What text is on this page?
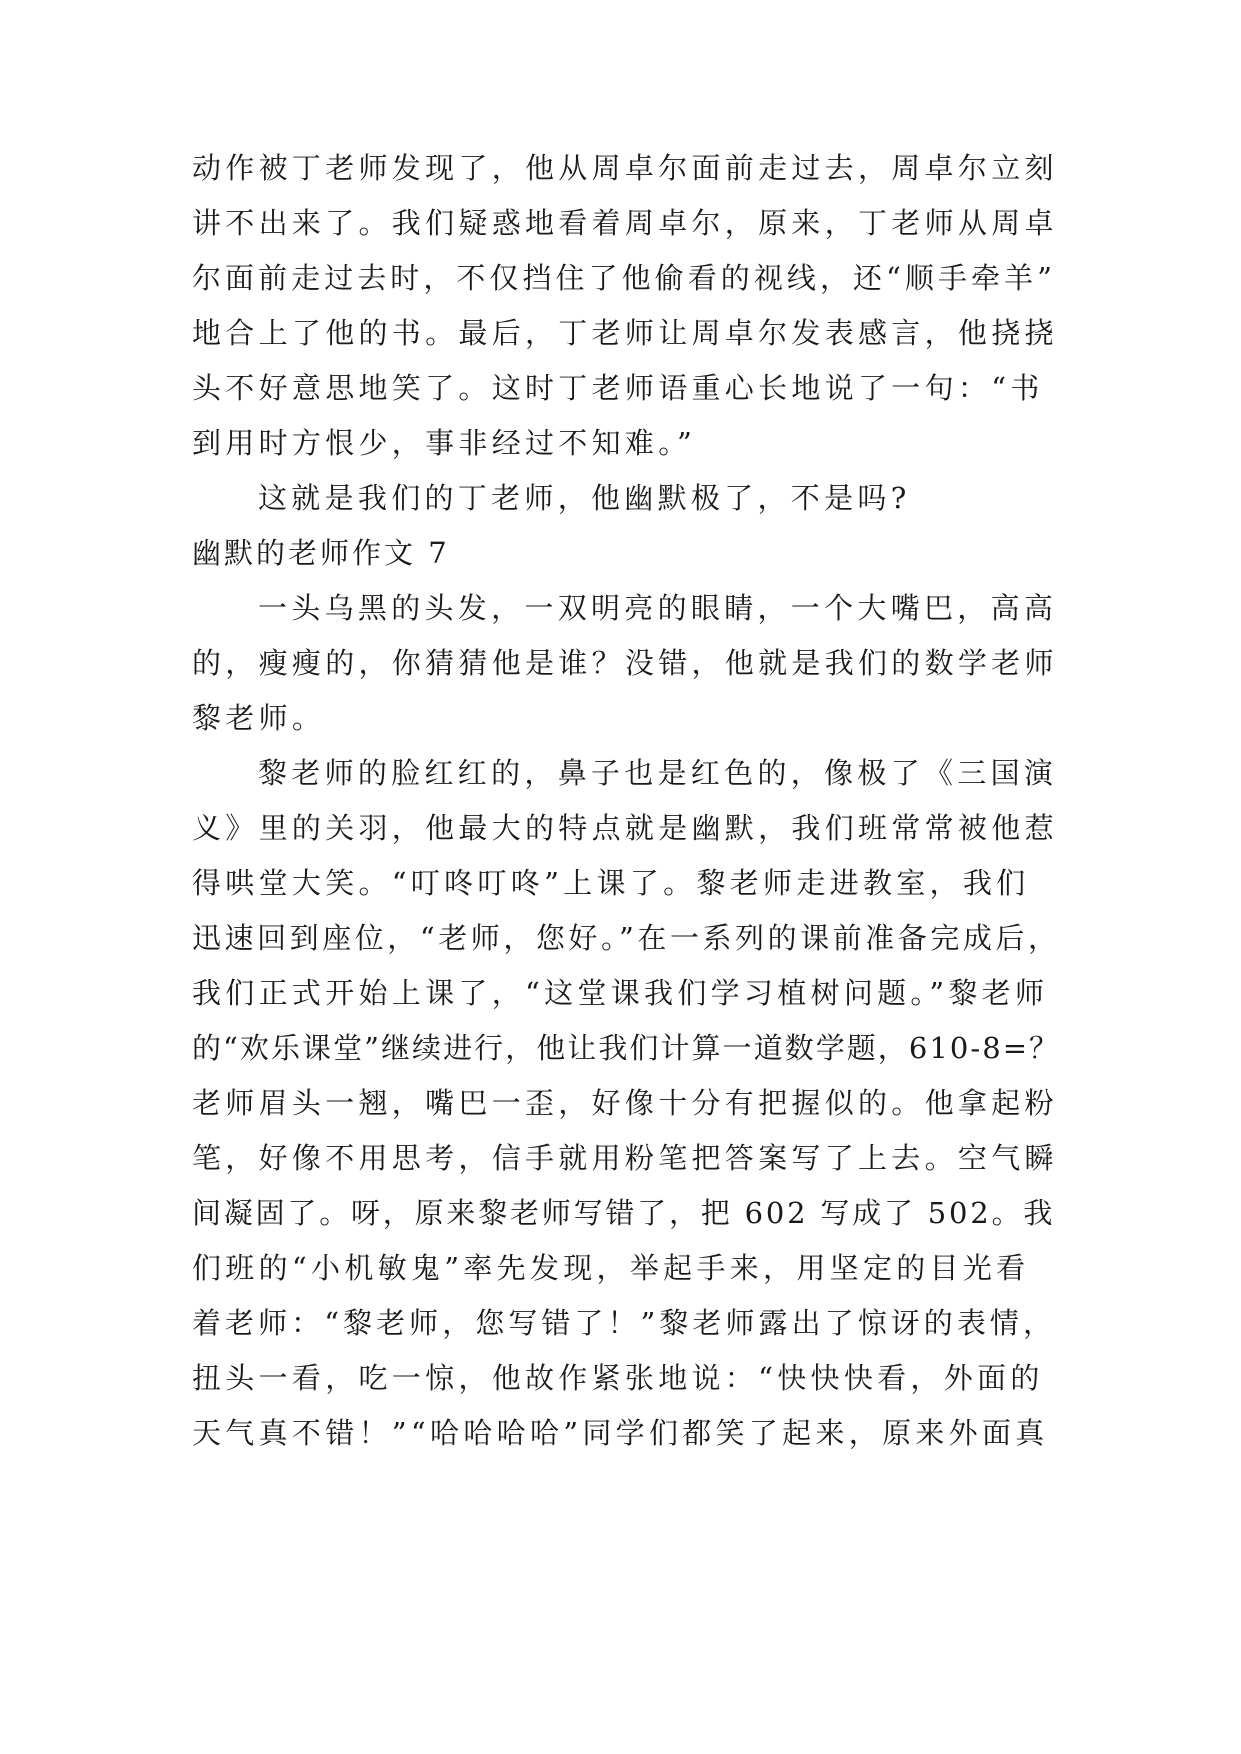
动作被丁老师发现了，他从周卓尔面前走过去，周卓尔立刻
讲不出来了。我们疑惑地看着周卓尔，原来，丁老师从周卓
尔面前走过去时，不仅挡住了他偷看的视线，还“顺手牵羊”
地合上了他的书。最后，丁老师让周卓尔发表感言，他挠挠
头不好意思地笑了。这时丁老师语重心长地说了一句：“书
到用时方恨少，事非经过不知难。”
这就是我们的丁老师，他幽默极了，不是吗?
幽默的老师作文 7
一头乌黑的头发，一双明亮的眼睛，一个大嘴巴，高高
的，瘦瘦的，你猜猜他是谁？没错，他就是我们的数学老师
黎老师。
黎老师的脸红红的，鼻子也是红色的，像极了《三国演
义》里的关羽，他最大的特点就是幽默，我们班常常被他惹
得哄堂大笑。“叮咚叮咚”上课了。黎老师走进教室，我们
迅速回到座位，“老师，您好。”在一系列的课前准备完成后，
我们正式开始上课了，“这堂课我们学习植树问题。”黎老师
的“欢乐课堂”继续进行，他让我们计算一道数学题，610-8=？
老师眉头一翘，嘴巴一歪，好像十分有把握似的。他拿起粉
笔，好像不用思考，信手就用粉笔把答案写了上去。空气瞬
间凝固了。呀，原来黎老师写错了，把 602 写成了 502。我
们班的“小机敏鬼”率先发现，举起手来，用坚定的目光看
着老师：“黎老师，您写错了！”黎老师露出了惊讶的表情，
扭头一看，吃一惊，他故作紧张地说：“快快快看，外面的
天气真不错！”“哈哈哈哈”同学们都笑了起来，原来外面真
